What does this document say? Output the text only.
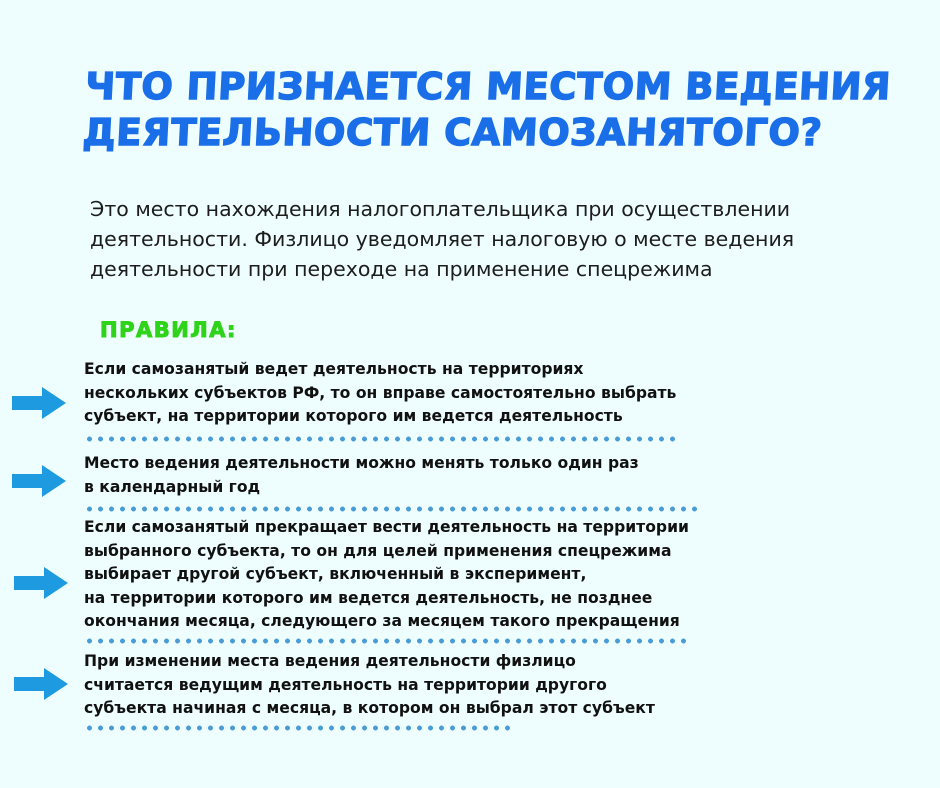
ЧТО ПРИЗНАЕТСЯ МЕСТОМ ВЕДЕНИЯ
ДЕЯТЕЛЬНОСТИ САМОЗАНЯТОГО?

Это место нахождения налогоплательщика при осуществлении
деятельности. Физлицо уведомляет налоговую о месте ведения
деятельности при переходе на применение спецрежима

ПРАВИЛА:
Если самозанятый ведет деятельность на территориях
нескольких субъектов РФ, то он вправе самостоятельно выбрать
субъект, на территории которого им ведется деятельность
Место ведения деятельности можно менять только один раз
в календарный год
Если самозанятый прекращает вести деятельность на территории
выбранного субъекта, то он для целей применения спецрежима
выбирает другой субъект, включенный в эксперимент,
на территории которого им ведется деятельность, не позднее
окончания месяца, следующего за месяцем такого прекращения
При изменении места ведения деятельности физлицо
считается ведущим деятельность на территории другого
субъекта начиная с месяца, в котором он выбрал этот субъект
